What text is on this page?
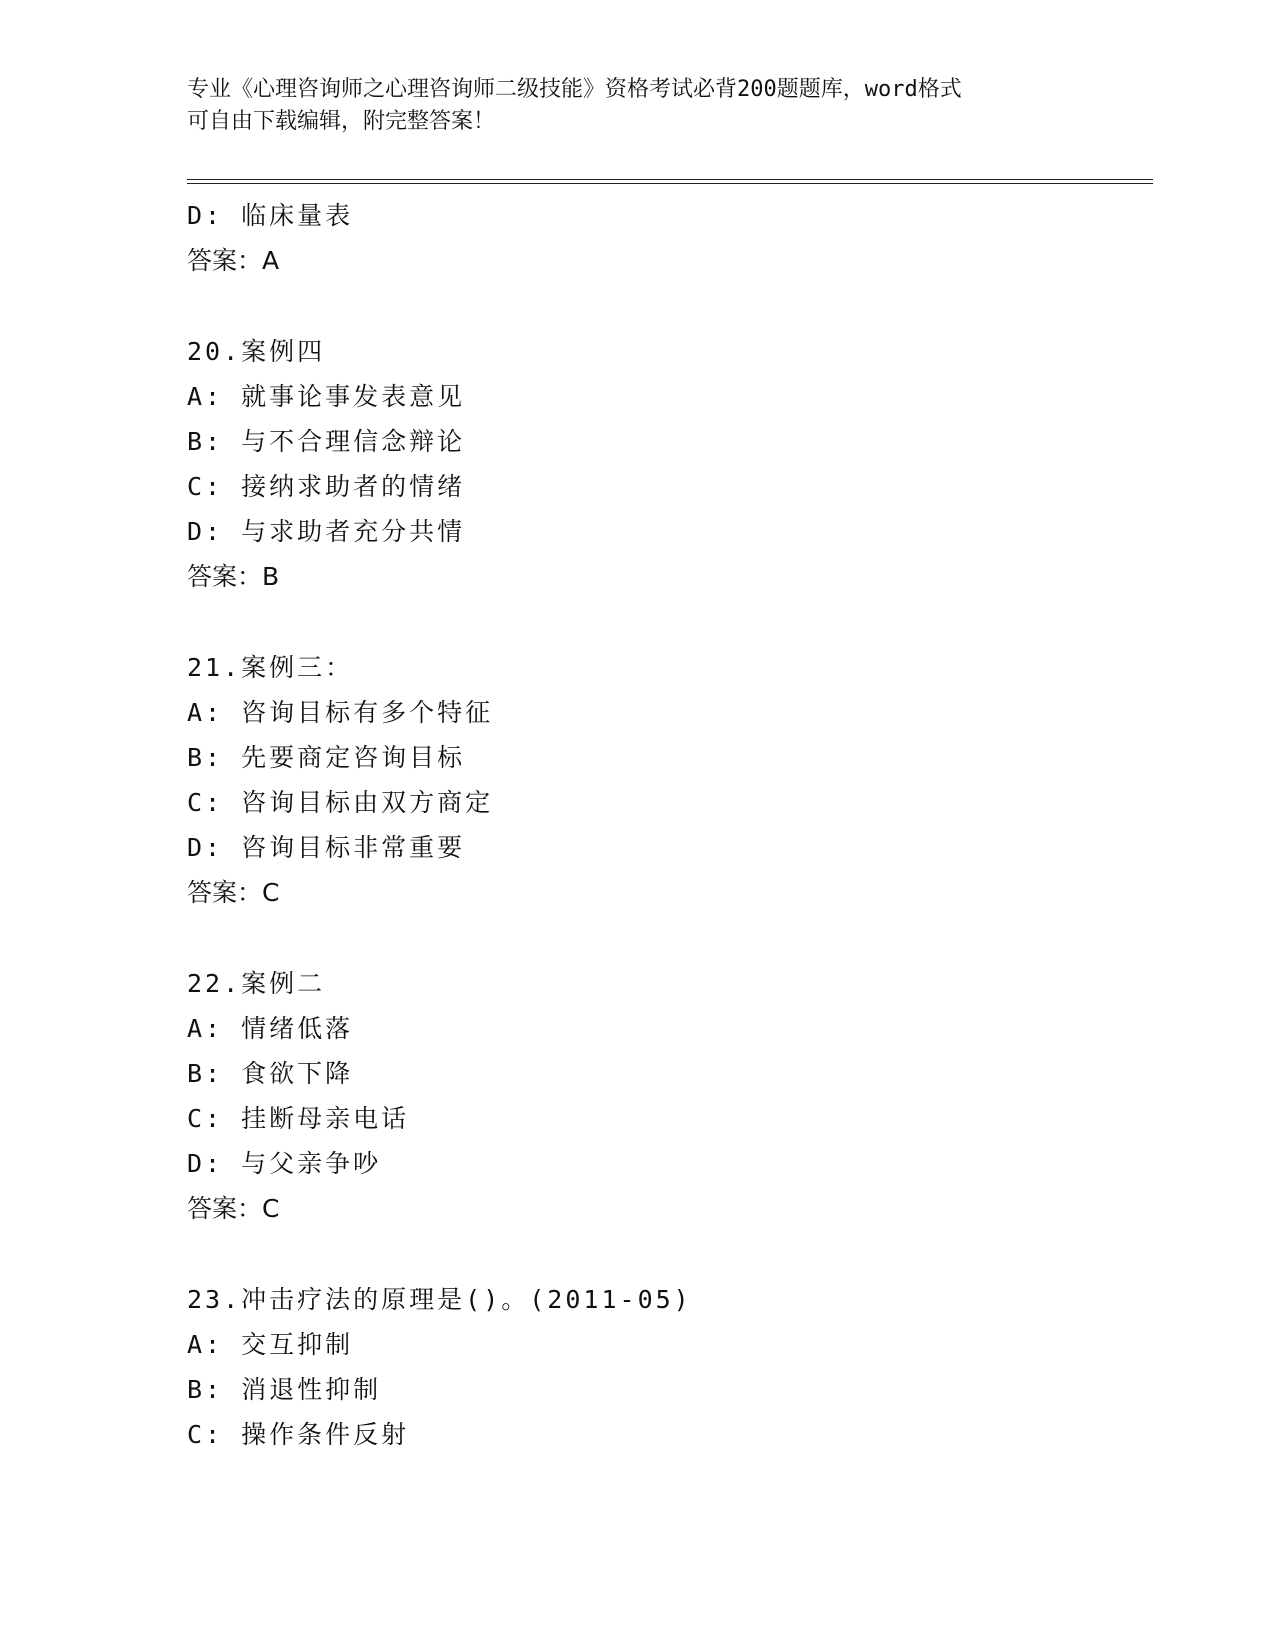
专业《心理咨询师之心理咨询师二级技能》资格考试必背200题题库，word格式
可自由下载编辑，附完整答案！
D: 临床量表
答案：A
20.案例四
A: 就事论事发表意见
B: 与不合理信念辩论
C: 接纳求助者的情绪
D: 与求助者充分共情
答案：B
21.案例三：
A: 咨询目标有多个特征
B: 先要商定咨询目标
C: 咨询目标由双方商定
D: 咨询目标非常重要
答案：C
22.案例二
A: 情绪低落
B: 食欲下降
C: 挂断母亲电话
D: 与父亲争吵
答案：C
23.冲击疗法的原理是()。(2011-05)
A: 交互抑制
B: 消退性抑制
C: 操作条件反射
